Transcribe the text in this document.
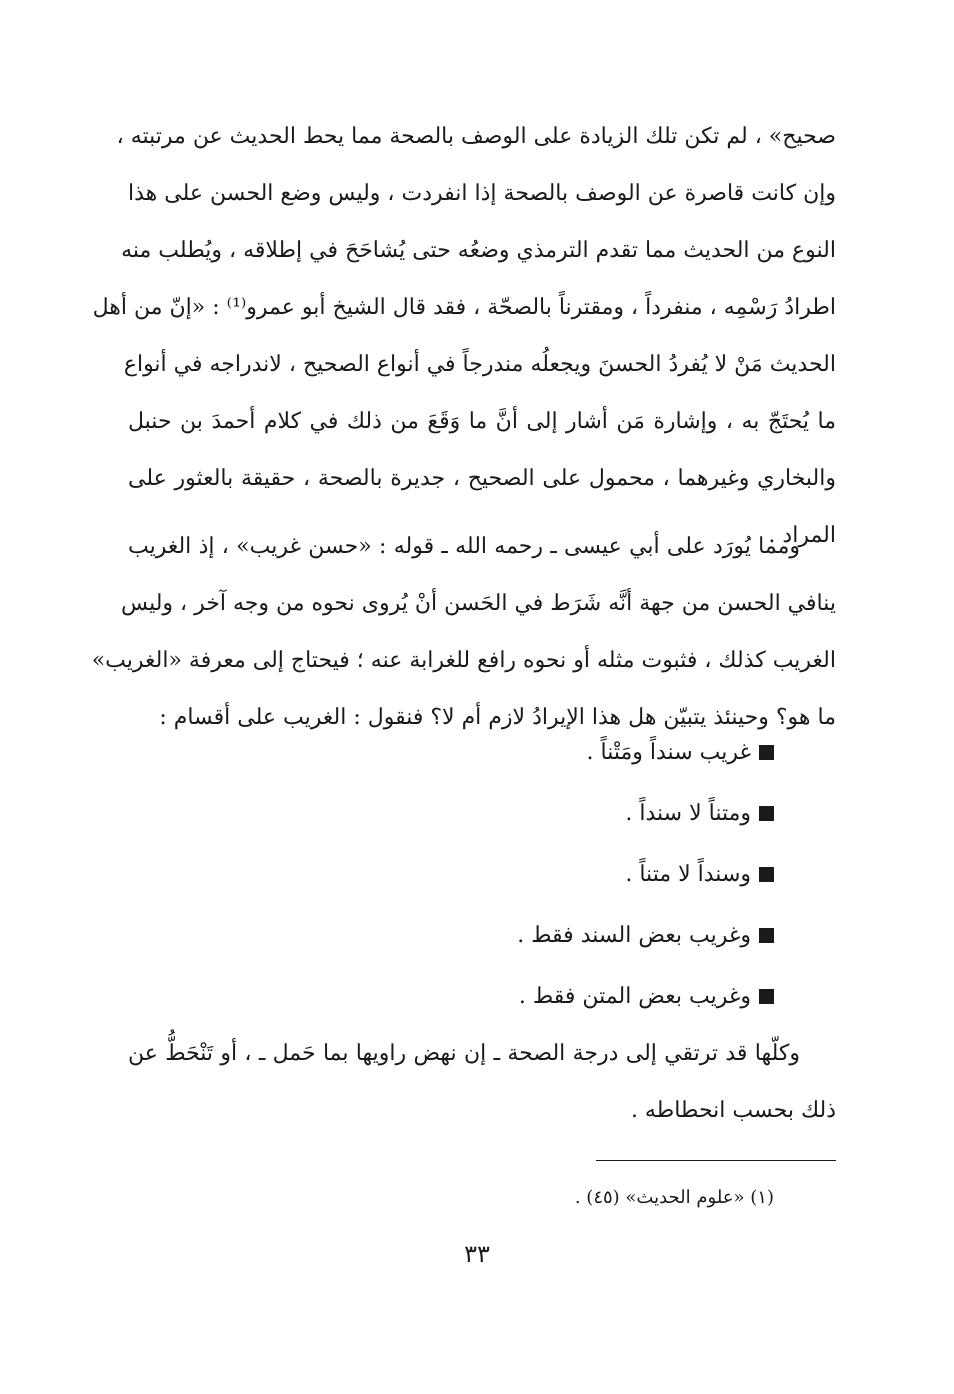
صحيح» ، لم تكن تلك الزيادة على الوصف بالصحة مما يحط الحديث عن مرتبته ،
وإن كانت قاصرة عن الوصف بالصحة إذا انفردت ، وليس وضع الحسن على هذا
النوع من الحديث مما تقدم الترمذي وضعُه حتى يُشاحَحَ في إطلاقه ، ويُطلب منه
اطرادُ رَسْمِه ، منفرداً ، ومقترناً بالصحّة ، فقد قال الشيخ أبو عمرو⁽¹⁾ : «إنّ من أهل
الحديث مَنْ لا يُفردُ الحسنَ ويجعلُه مندرجاً في أنواع الصحيح ، لاندراجه في أنواع
ما يُحتَجّ به ، وإشارة مَن أشار إلى أنَّ ما وَقَعَ من ذلك في كلام أحمدَ بن حنبل
والبخاري وغيرهما ، محمول على الصحيح ، جديرة بالصحة ، حقيقة بالعثور على
المراد .
ومما يُورَد على أبي عيسى ـ رحمه الله ـ قوله : «حسن غريب» ، إذ الغريب
ينافي الحسن من جهة أنَّه شَرَط في الحَسن أنْ يُروى نحوه من وجه آخر ، وليس
الغريب كذلك ، فثبوت مثله أو نحوه رافع للغرابة عنه ؛ فيحتاج إلى معرفة «الغريب»
ما هو؟ وحينئذ يتبيّن هل هذا الإيرادُ لازم أم لا؟ فنقول : الغريب على أقسام :
غريب سنداً ومَتْناً .
ومتناً لا سنداً .
وسنداً لا متناً .
وغريب بعض السند فقط .
وغريب بعض المتن فقط .
وكلّها قد ترتقي إلى درجة الصحة ـ إن نهض راويها بما حَمل ـ ، أو تَنْحَطُّ عن
ذلك بحسب انحطاطه .
(١) «علوم الحديث» (٤٥) .
٣٣
